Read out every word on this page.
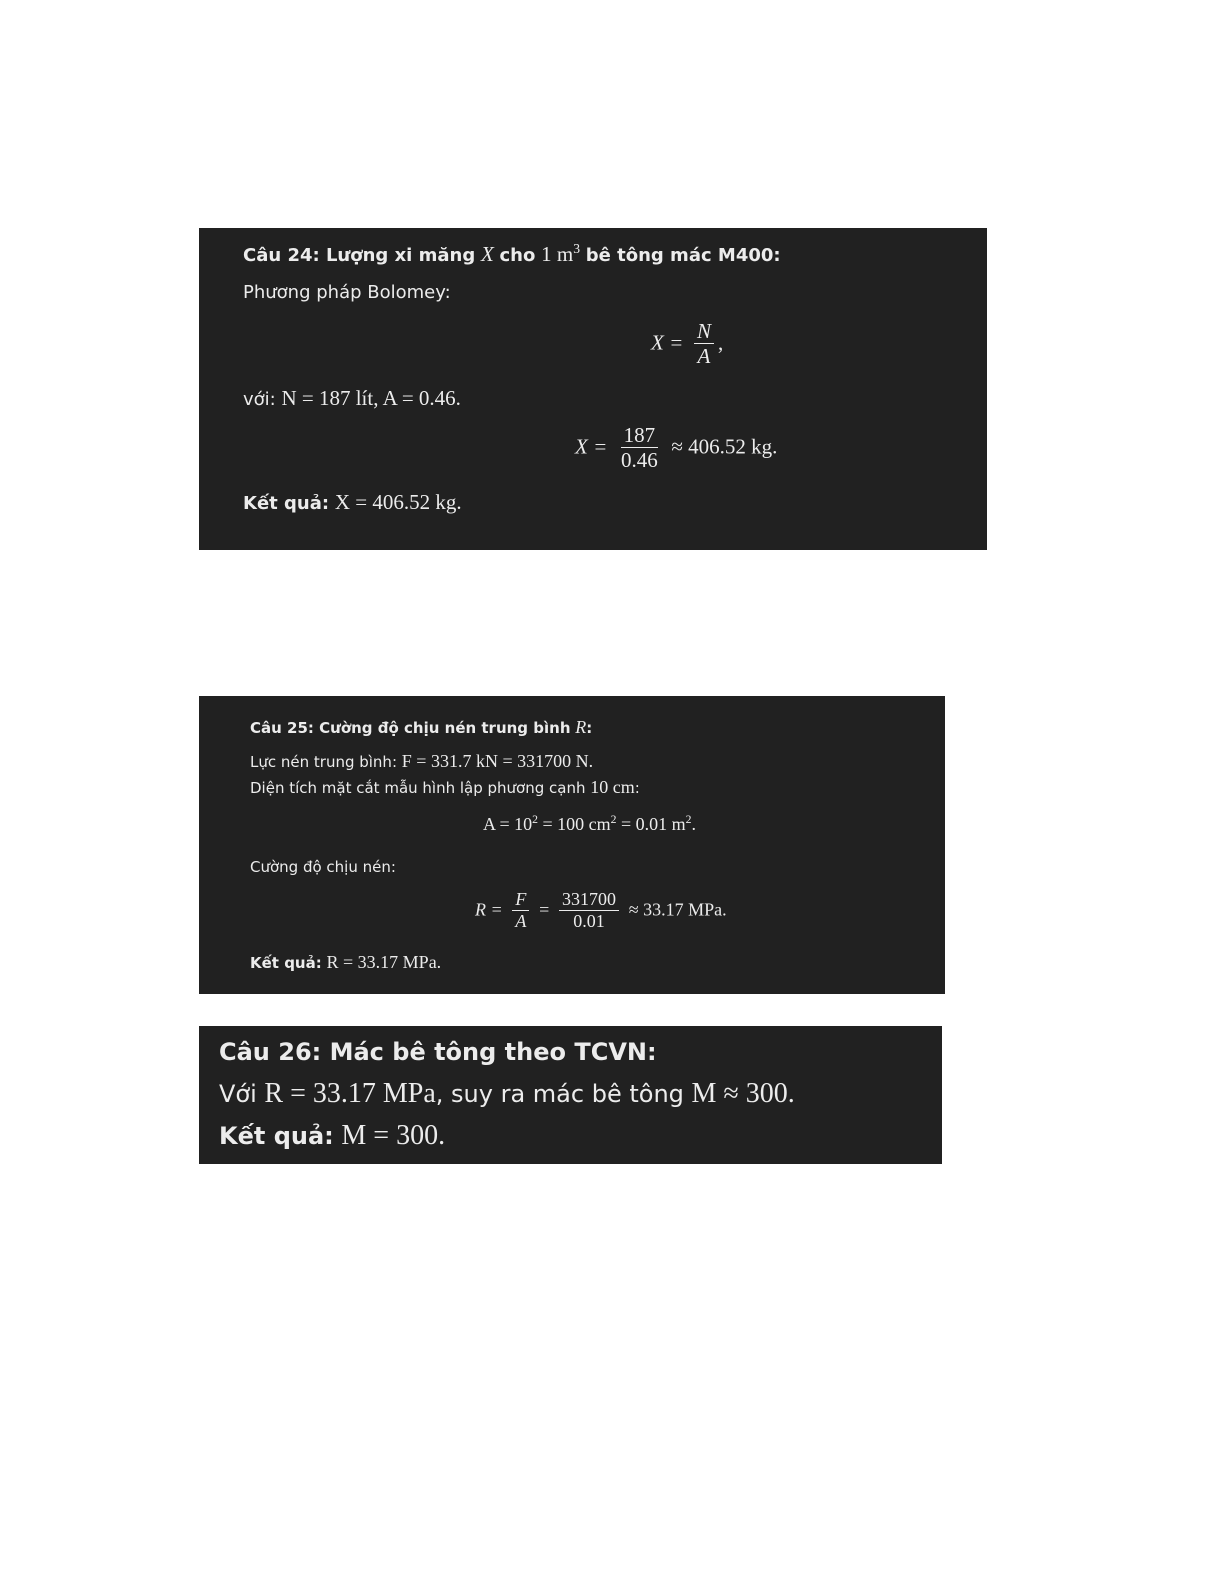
Câu 24: Lượng xi măng X cho 1 $m^3$ bê tông mác M400:
Phương pháp Bolomey:
$X = \frac{N}{A}$ ,
với: N = 187 lít, A = 0.46.
$X = \frac{187}{0.46} \approx 406.52$ kg.
Kết quả: X = 406.52 kg.
Câu 25: Cường độ chịu nén trung bình R:
Lực nén trung bình: F = 331.7 kN = 331700 N.
Diện tích mặt cắt mẫu hình lập phương cạnh 10 cm:
$A = 10^2 = 100$ $cm^2 = 0.01$ $m^2$.
Cường độ chịu nén:
$R = \frac{F}{A} = \frac{331700}{0.01} \approx 33.17$ MPa.
Kết quả: R = 33.17 MPa.
Câu 26: Mác bê tông theo TCVN:
Với R = 33.17 MPa, suy ra mác bê tông M ≈ 300.
Kết quả: M = 300.
